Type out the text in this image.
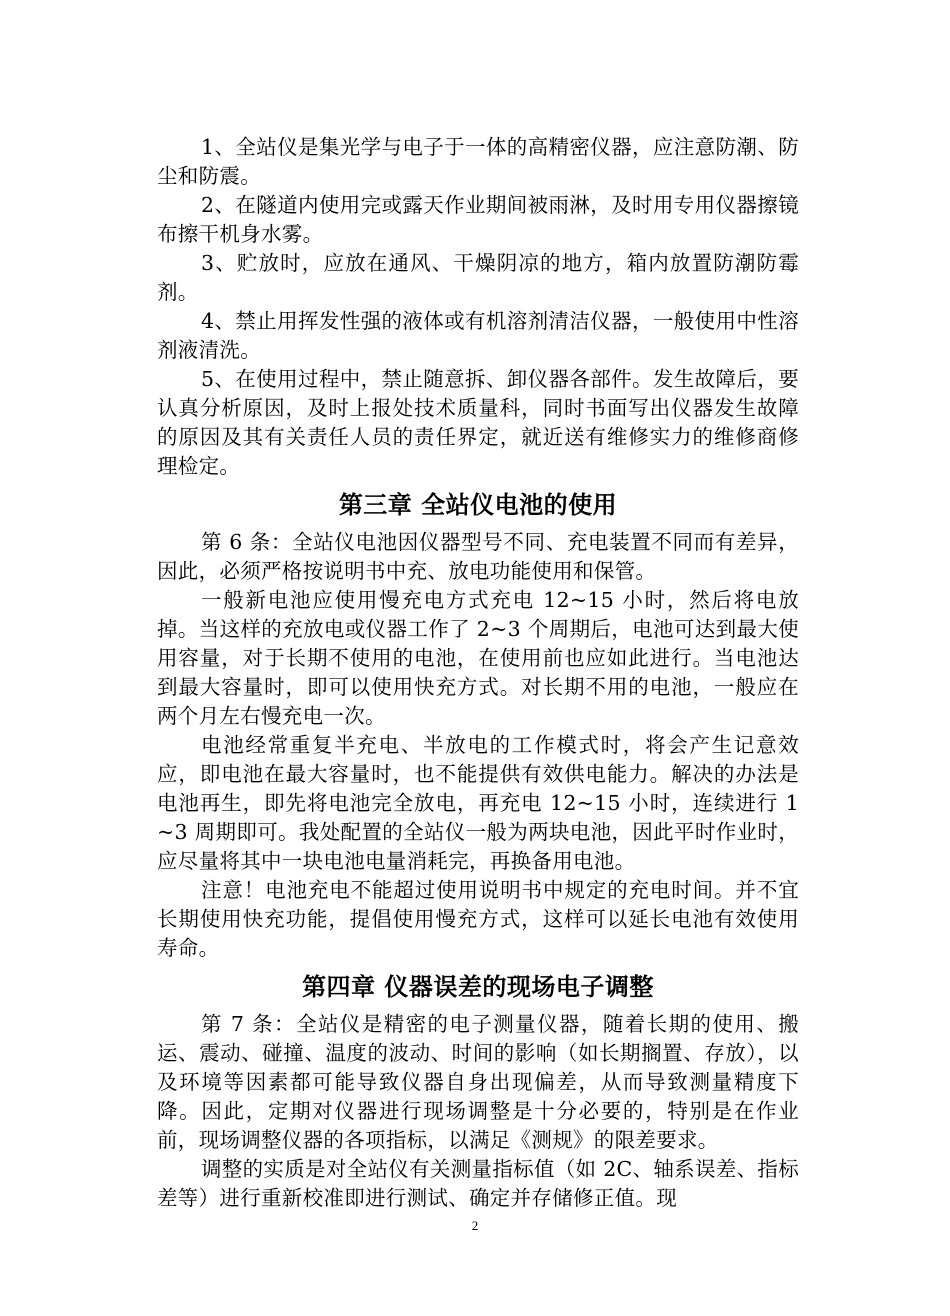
1、全站仪是集光学与电子于一体的高精密仪器，应注意防潮、防尘和防震。

2、在隧道内使用完或露天作业期间被雨淋，及时用专用仪器擦镜布擦干机身水雾。

3、贮放时，应放在通风、干燥阴凉的地方，箱内放置防潮防霉剂。

4、禁止用挥发性强的液体或有机溶剂清洁仪器，一般使用中性溶剂液清洗。

5、在使用过程中，禁止随意拆、卸仪器各部件。发生故障后，要认真分析原因，及时上报处技术质量科，同时书面写出仪器发生故障的原因及其有关责任人员的责任界定，就近送有维修实力的维修商修理检定。

第三章 全站仪电池的使用

第 6 条：全站仪电池因仪器型号不同、充电装置不同而有差异，因此，必须严格按说明书中充、放电功能使用和保管。

一般新电池应使用慢充电方式充电 12~15 小时，然后将电放掉。当这样的充放电或仪器工作了 2~3 个周期后，电池可达到最大使用容量，对于长期不使用的电池，在使用前也应如此进行。当电池达到最大容量时，即可以使用快充方式。对长期不用的电池，一般应在两个月左右慢充电一次。

电池经常重复半充电、半放电的工作模式时，将会产生记意效应，即电池在最大容量时，也不能提供有效供电能力。解决的办法是电池再生，即先将电池完全放电，再充电 12~15 小时，连续进行 1~3 周期即可。我处配置的全站仪一般为两块电池，因此平时作业时，应尽量将其中一块电池电量消耗完，再换备用电池。

注意！电池充电不能超过使用说明书中规定的充电时间。并不宜长期使用快充功能，提倡使用慢充方式，这样可以延长电池有效使用寿命。

第四章 仪器误差的现场电子调整

第 7 条：全站仪是精密的电子测量仪器，随着长期的使用、搬运、震动、碰撞、温度的波动、时间的影响（如长期搁置、存放），以及环境等因素都可能导致仪器自身出现偏差，从而导致测量精度下降。因此，定期对仪器进行现场调整是十分必要的，特别是在作业前，现场调整仪器的各项指标，以满足《测规》的限差要求。

调整的实质是对全站仪有关测量指标值（如 2C、轴系误差、指标差等）进行重新校准即进行测试、确定并存储修正值。现

2
